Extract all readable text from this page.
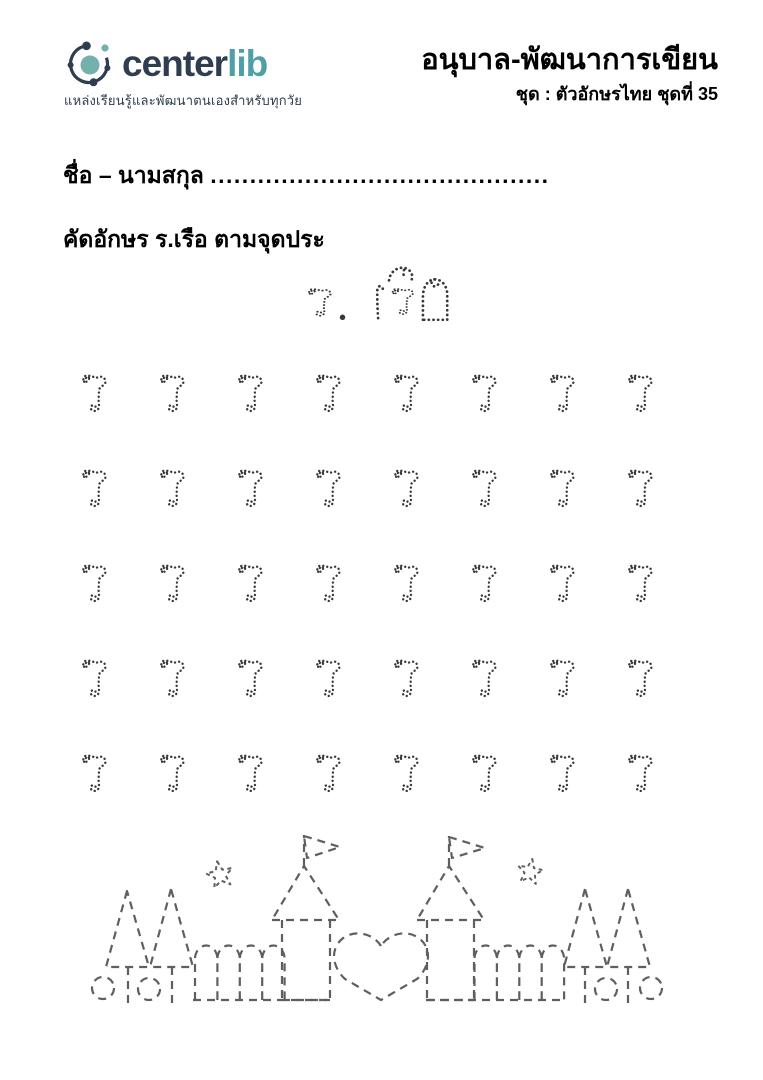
centerlib
แหล่งเรียนรู้และพัฒนาตนเองสำหรับทุกวัย
อนุบาล-พัฒนาการเขียน
ชุด : ตัวอักษรไทย ชุดที่ 35
ชื่อ – นามสกุล ...........................................
คัดอักษร ร.เรือ ตามจุดประ
